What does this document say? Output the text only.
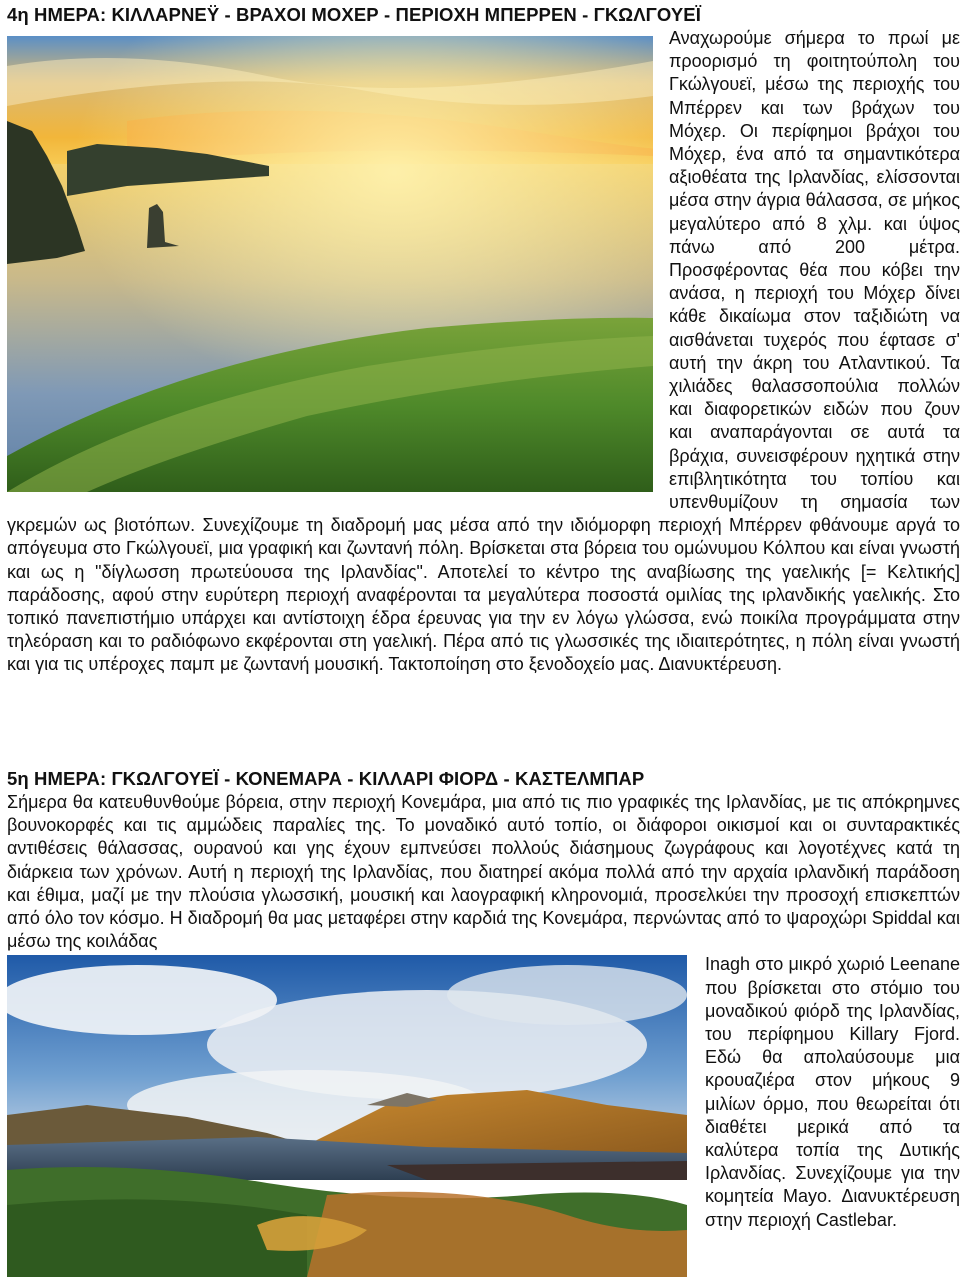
4η ΗΜΕΡΑ: ΚΙΛΛΑΡΝΕΫ - ΒΡΑΧΟΙ ΜΟΧΕΡ - ΠΕΡΙΟΧΗ ΜΠΕΡΡΕΝ - ΓΚΩΛΓΟΥΕΪ

Αναχωρούμε σήμερα το πρωί με προορισμό τη φοιτητούπολη του Γκώλγουεϊ, μέσω της περιοχής του Μπέρρεν και των βράχων του Μόχερ. Οι περίφημοι βράχοι του Μόχερ, ένα από τα σημαντικότερα αξιοθέατα της Ιρλανδίας, ελίσσονται μέσα στην άγρια θάλασσα, σε μήκος μεγαλύτερο από 8 χλμ. και ύψος πάνω από 200 μέτρα. Προσφέροντας θέα που κόβει την ανάσα, η περιοχή του Μόχερ δίνει κάθε δικαίωμα στον ταξιδιώτη να αισθάνεται τυχερός που έφτασε σ' αυτή την άκρη του Ατλαντικού. Τα χιλιάδες θαλασσοπούλια πολλών και διαφορετικών ειδών που ζουν και αναπαράγονται σε αυτά τα βράχια, συνεισφέρουν ηχητικά στην επιβλητικότητα του τοπίου και υπενθυμίζουν τη σημασία των γκρεμών ως βιοτόπων. Συνεχίζουμε τη διαδρομή μας μέσα από την ιδιόμορφη περιοχή Μπέρρεν φθάνουμε αργά το απόγευμα στο Γκώλγουεϊ, μια γραφική και ζωντανή πόλη. Βρίσκεται στα βόρεια του ομώνυμου Κόλπου και είναι γνωστή και ως η "δίγλωσση πρωτεύουσα της Ιρλανδίας". Αποτελεί το κέντρο της αναβίωσης της γαελικής [= Κελτικής] παράδοσης, αφού στην ευρύτερη περιοχή αναφέρονται τα μεγαλύτερα ποσοστά ομιλίας της ιρλανδικής γαελικής. Στο τοπικό πανεπιστήμιο υπάρχει και αντίστοιχη έδρα έρευνας για την εν λόγω γλώσσα, ενώ ποικίλα προγράμματα στην τηλεόραση και το ραδιόφωνο εκφέρονται στη γαελική. Πέρα από τις γλωσσικές της ιδιαιτερότητες, η πόλη είναι γνωστή και για τις υπέροχες παμπ με ζωντανή μουσική. Τακτοποίηση στο ξενοδοχείο μας. Διανυκτέρευση.

5η ΗΜΕΡΑ: ΓΚΩΛΓΟΥΕΪ - ΚΟΝΕΜΑΡΑ - ΚΙΛΛΑΡΙ ΦΙΟΡΔ - ΚΑΣΤΕΛΜΠΑΡ

Σήμερα θα κατευθυνθούμε βόρεια, στην περιοχή Κονεμάρα, μια από τις πιο γραφικές της Ιρλανδίας, με τις απόκρημνες βουνοκορφές και τις αμμώδεις παραλίες της. Το μοναδικό αυτό τοπίο, οι διάφοροι οικισμοί και οι συνταρακτικές αντιθέσεις θάλασσας, ουρανού και γης έχουν εμπνεύσει πολλούς διάσημους ζωγράφους και λογοτέχνες κατά τη διάρκεια των χρόνων. Αυτή η περιοχή της Ιρλανδίας, που διατηρεί ακόμα πολλά από την αρχαία ιρλανδική παράδοση και έθιμα, μαζί με την πλούσια γλωσσική, μουσική και λαογραφική κληρονομιά, προσελκύει την προσοχή επισκεπτών από όλο τον κόσμο. Η διαδρομή θα μας μεταφέρει στην καρδιά της Κονεμάρα, περνώντας από το ψαροχώρι Spiddal και μέσω της κοιλάδας

Inagh στο μικρό χωριό Leenane που βρίσκεται στο στόμιο του μοναδικού φιόρδ της Ιρλανδίας, του περίφημου Killary Fjord. Εδώ θα απολαύσουμε μια κρουαζιέρα στον μήκους 9 μιλίων όρμο, που θεωρείται ότι διαθέτει μερικά από τα καλύτερα τοπία της Δυτικής Ιρλανδίας. Συνεχίζουμε για την κομητεία Mayo. Διανυκτέρευση στην περιοχή Castlebar.
